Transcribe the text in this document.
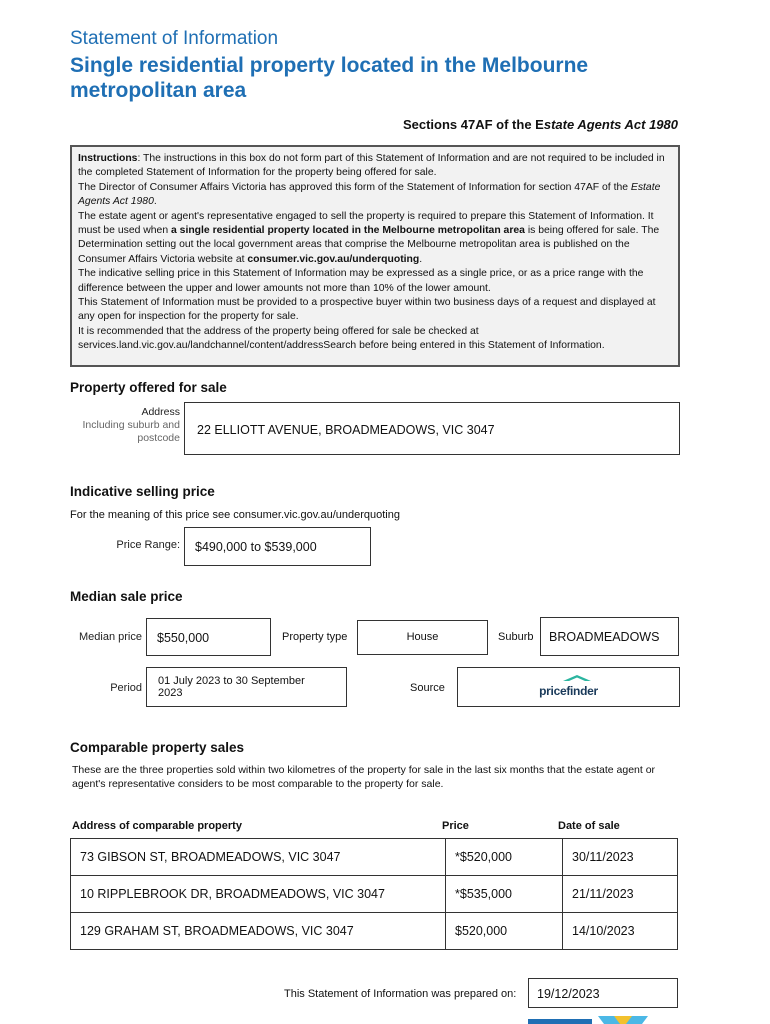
Statement of Information
Single residential property located in the Melbourne metropolitan area
Sections 47AF of the Estate Agents Act 1980

Instructions: The instructions in this box do not form part of this Statement of Information and are not required to be included in the completed Statement of Information for the property being offered for sale.

The Director of Consumer Affairs Victoria has approved this form of the Statement of Information for section 47AF of the Estate Agents Act 1980.

The estate agent or agent's representative engaged to sell the property is required to prepare this Statement of Information. It must be used when a single residential property located in the Melbourne metropolitan area is being offered for sale. The Determination setting out the local government areas that comprise the Melbourne metropolitan area is published on the Consumer Affairs Victoria website at consumer.vic.gov.au/underquoting.

The indicative selling price in this Statement of Information may be expressed as a single price, or as a price range with the difference between the upper and lower amounts not more than 10% of the lower amount.

This Statement of Information must be provided to a prospective buyer within two business days of a request and displayed at any open for inspection for the property for sale.

It is recommended that the address of the property being offered for sale be checked at services.land.vic.gov.au/landchannel/content/addressSearch before being entered in this Statement of Information.

Property offered for sale
Address
Including suburb and
postcode
22 ELLIOTT AVENUE, BROADMEADOWS, VIC 3047
Indicative selling price
For the meaning of this price see consumer.vic.gov.au/underquoting
Price Range: $490,000 to $539,000
Median sale price
Median price $550,000	Property type	House	Suburb BROADMEADOWS
Period
01 July 2023 to 30 September 2023	Source	pricefinder
Comparable property sales
These are the three properties sold within two kilometres of the property for sale in the last six months that the estate agent or agent's representative considers to be most comparable to the property for sale.
Address of comparable property	Price	Date of sale
73 GIBSON ST, BROADMEADOWS, VIC 3047	*$520,000	30/11/2023
10 RIPPLEBROOK DR, BROADMEADOWS, VIC 3047	*$535,000	21/11/2023
129 GRAHAM ST, BROADMEADOWS, VIC 3047	$520,000	14/10/2023
This Statement of Information was prepared on: 19/12/2023
